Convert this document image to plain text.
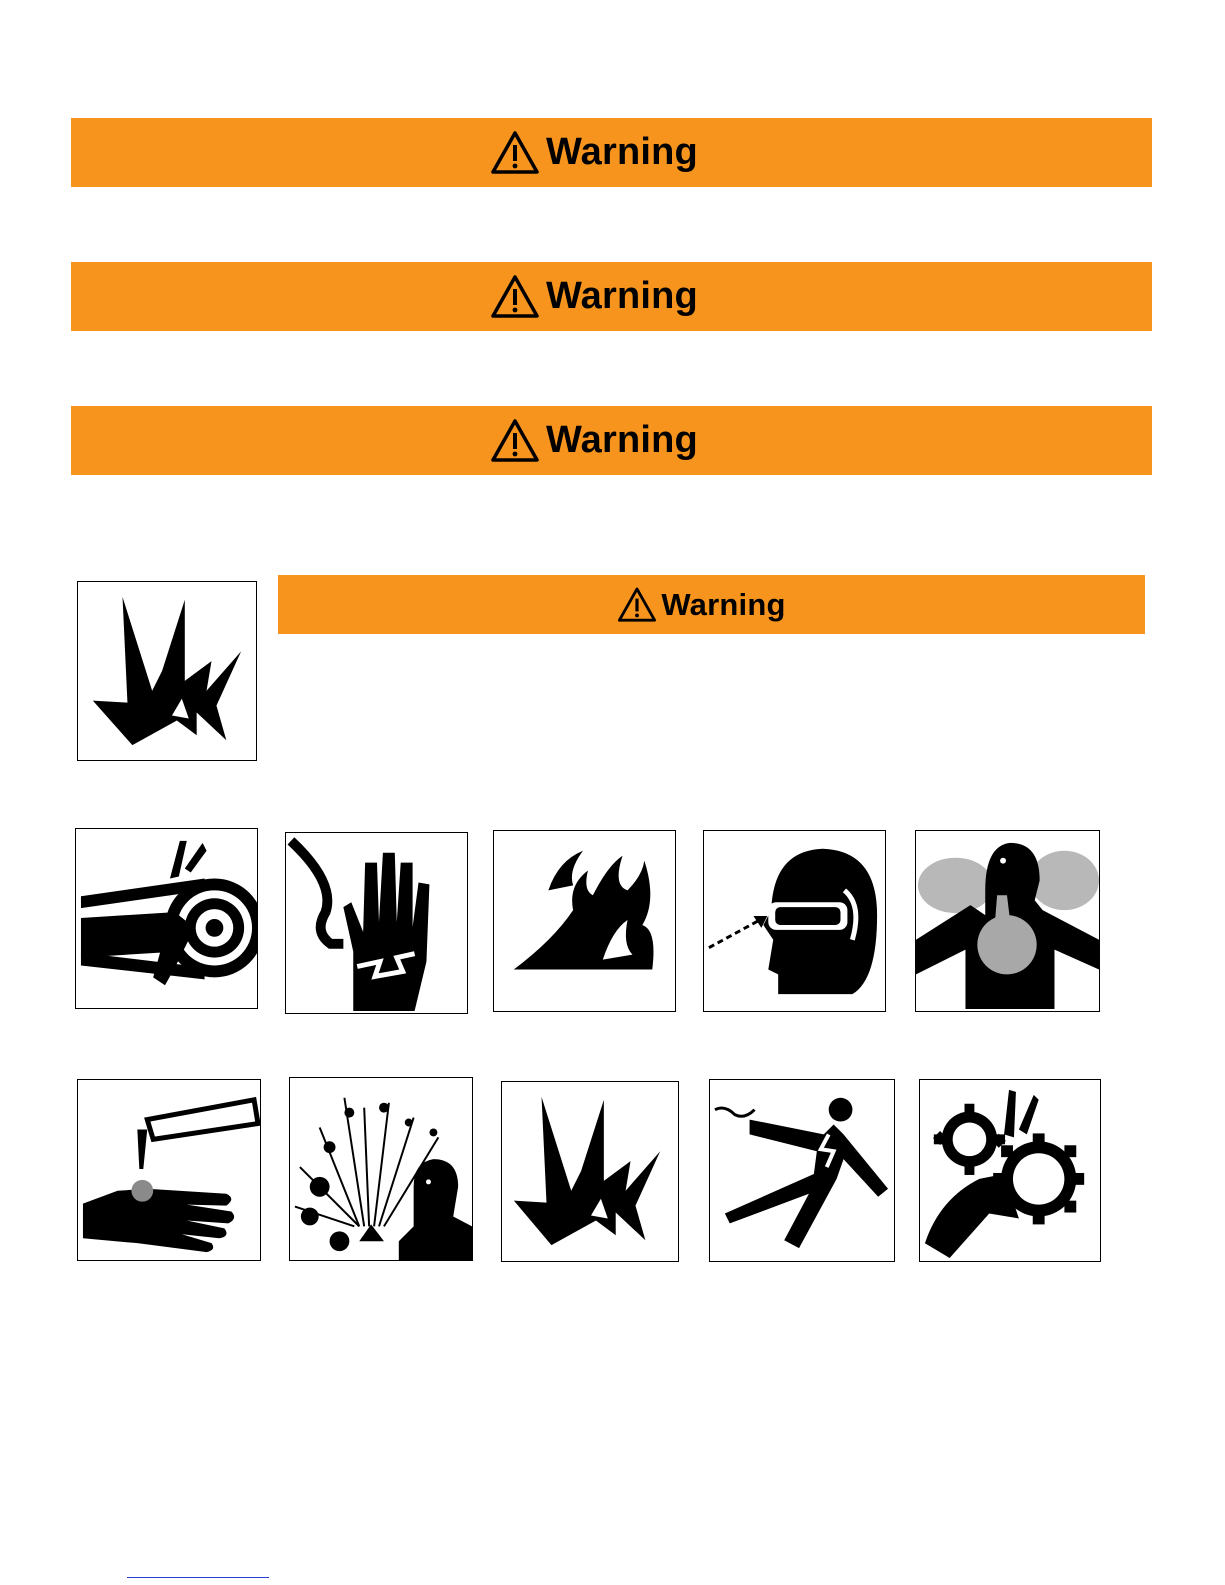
Warning
Warning
Warning
Warning
